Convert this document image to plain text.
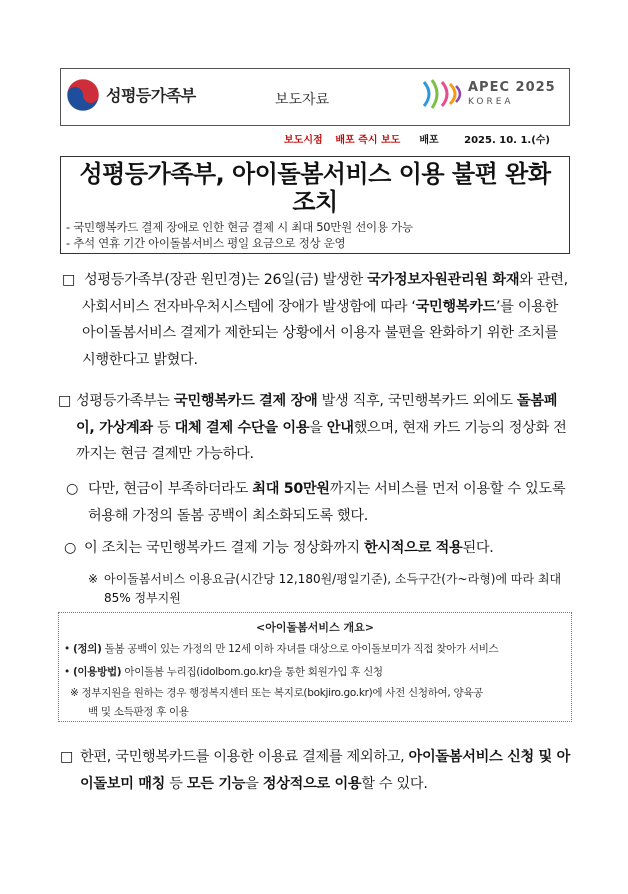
성평등가족부	보도자료
APEC 2025
KOREA
보도시점 배포 즉시 보도 배포	2025. 10. 1.(수)
성평등가족부, 아이돌봄서비스 이용 불편 완화 조치
- 국민행복카드 결제 장애로 인한 현금 결제 시 최대 50만원 선이용 가능
- 추석 연휴 기간 아이돌봄서비스 평일 요금으로 정상 운영
□ 성평등가족부(장관 원민경)는 26일(금) 발생한 국가정보자원관리원 화재와 관련, 사회서비스 전자바우처시스템에 장애가 발생함에 따라 ‘국민행복카드’를 이용한 아이돌봄서비스 결제가 제한되는 상황에서 이용자 불편을 완화하기 위한 조치를 시행한다고 밝혔다.
□ 성평등가족부는 국민행복카드 결제 장애 발생 직후, 국민행복카드 외에도 돌봄페이, 가상계좌 등 대체 결제 수단을 이용을 안내했으며, 현재 카드 기능의 정상화 전까지는 현금 결제만 가능하다.
○ 다만, 현금이 부족하더라도 최대 50만원까지는 서비스를 먼저 이용할 수 있도록 허용해 가정의 돌봄 공백이 최소화되도록 했다.
○ 이 조치는 국민행복카드 결제 기능 정상화까지 한시적으로 적용된다.
※ 아이돌봄서비스 이용요금(시간당 12,180원/평일기준), 소득구간(가~라형)에 따라 최대 85% 정부지원
<아이돌봄서비스 개요>
• (정의) 돌봄 공백이 있는 가정의 만 12세 이하 자녀를 대상으로 아이돌보미가 직접 찾아가 서비스
• (이용방법) 아이돌봄 누리집(idolbom.go.kr)을 통한 회원가입 후 신청
※ 정부지원을 원하는 경우 행정복지센터 또는 복지로(bokjiro.go.kr)에 사전 신청하여, 양육공
백 및 소득판정 후 이용
□ 한편, 국민행복카드를 이용한 이용료 결제를 제외하고, 아이돌봄서비스 신청 및 아이돌보미 매칭 등 모든 기능을 정상적으로 이용할 수 있다.
